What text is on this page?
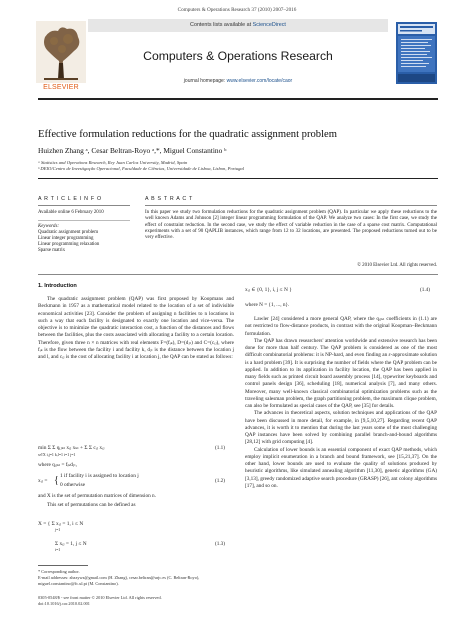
Computers & Operations Research 37 (2010) 2007–2016
Contents lists available at ScienceDirect
Computers & Operations Research
journal homepage: www.elsevier.com/locate/caor
ELSEVIER
Effective formulation reductions for the quadratic assignment problem
Huizhen Zhang ᵃ, Cesar Beltran-Royo ᵃ,*, Miguel Constantino ᵇ
ᵃ Statistics and Operations Research, Rey Juan Carlos University, Madrid, Spain
ᵇ DEIO/Centro de Investigação Operacional, Faculdade de Ciências, Universidade de Lisboa, Lisbon, Portugal
A R T I C L E I N F O
Available online 6 February 2010
Keywords:
Quadratic assignment problem
Linear integer programming
Linear programming relaxation
Sparse matrix
A B S T R A C T
In this paper we study two formulation reductions for the quadratic assignment problem (QAP). In particular we apply these reductions to the well known Adams and Johnson [2] integer linear programming formulation of the QAP. We analyze two cases: In the first case, we study the effect of constraint reduction. In the second case, we study the effect of variable reduction in the case of a sparse cost matrix. Computational experiments with a set of 90 QAPLIB instances, which range from 12 to 32 locations, are presented. The proposed reductions turned out to be very effective.
© 2010 Elsevier Ltd. All rights reserved.
1. Introduction

The quadratic assignment problem (QAP) was first proposed by Koopmans and Beckmann in 1957 as a mathematical model related to the location of a set of indivisible economical activities [23]. Consider the problem of assigning n facilities to n locations in such a way that each facility is designated to exactly one location and vice-versa. The objective is to minimize the quadratic interaction cost, a function of the distances and flows between the facilities, plus the costs associated with allocating a facility to a certain location. Therefore, given three n × n matrices with real elements F=(fᵢₖ), D=(dⱼₗ) and C=(cᵢⱼ), where fᵢₖ is the flow between the facility i and facility k, dⱼₗ is the distance between the location j and l, and cᵢⱼ is the cost of allocating facility i at location j, the QAP can be stated as follows:

min Σ Σ qᵢⱼₖₗ xᵢⱼ xₖₗ + Σ Σ cᵢⱼ xᵢⱼ
x∈X i,j=1 k,l=1 i=1 j=1
(1.1)
where qᵢⱼₖₗ = fᵢₖdⱼₗ,
xᵢⱼ = { 1 if facility i is assigned to location j
0 otherwise
(1.2)
and X is the set of permutation matrices of dimension n.
This set of permutations can be defined as
X = { Σ xᵢⱼ = 1, i ≤ N
j=1
Σ xᵢⱼ = 1, j ≤ N
i=1
(1.3)
* Corresponding author.
E-mail addresses: zhzzywz@gmail.com (H. Zhang), cesar.beltran@urjc.es (C. Beltran-Royo), miguel.constantino@fc.ul.pt (M. Constantino).
0305-0548/$ - see front matter © 2010 Elsevier Ltd. All rights reserved.
doi:10.1016/j.cor.2010.02.001
xᵢⱼ ∈ {0, 1}, i, j ≤ N }	(1.4)
where N = {1, ..., n}.

Lawler [24] considered a more general QAP, where the qᵢⱼₖₗ coefficients in (1.1) are not restricted to flow-distance products, in contrast with the original Koopman–Beckmann formulation.

The QAP has drawn researchers' attention worldwide and extensive research has been done for more than half century. The QAP problem is considered as one of the most difficult combinatorial problems: it is NP-hard, and even finding an ε-approximate solution is a hard problem [39]. It is surprising the number of fields where the QAP problem can be applied. In addition to its application in facility location, the QAP has been applied in many fields such as printed circuit board assembly process [14], typewriter keyboards and control panels design [36], scheduling [18], numerical analysis [7], and many others. Moreover, many well-known classical combinatorial optimization problems such as the traveling salesman problem, the graph partitioning problem, the maximum clique problem, can also be formulated as special cases of the QAP, see [35] for details.

The advances in theoretical aspects, solution techniques and applications of the QAP have been discussed in more detail, for example, in [9,5,10,27]. Regarding recent QAP advances, it is worth it to mention that during the last years some of the most challenging QAP instances have been solved by combining parallel branch-and-bound algorithms [28,12] with grid computing [4].

Calculation of lower bounds is an essential component of exact QAP methods, which employ implicit enumeration in a branch and bound framework, see [15,21,37]. On the other hand, lower bounds are used to evaluate the quality of solutions produced by heuristic algorithms, like simulated annealing algorithm [11,30], genetic algorithms (GA) [3,13], greedy randomized adaptive search procedure (GRASP) [26], ant colony algorithms [17], and so on.
